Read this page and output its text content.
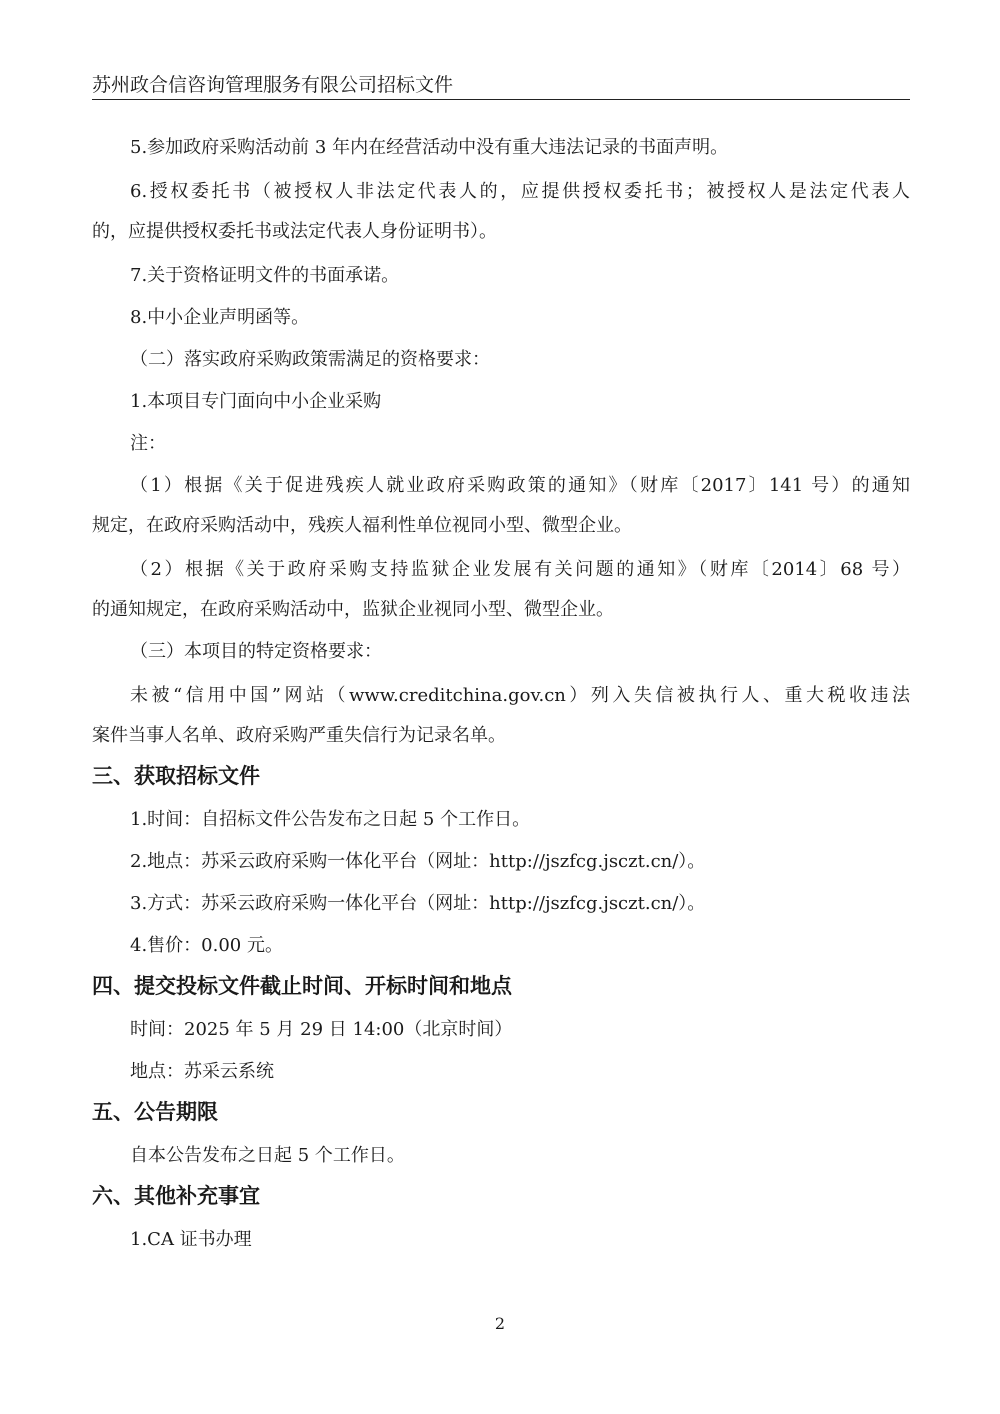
苏州政合信咨询管理服务有限公司招标文件
5.参加政府采购活动前 3 年内在经营活动中没有重大违法记录的书面声明。
6.授权委托书（被授权人非法定代表人的，应提供授权委托书；被授权人是法定代表人
的，应提供授权委托书或法定代表人身份证明书）。
7.关于资格证明文件的书面承诺。
8.中小企业声明函等。
（二）落实政府采购政策需满足的资格要求：
1.本项目专门面向中小企业采购
注：
（1）根据《关于促进残疾人就业政府采购政策的通知》（财库〔2017〕141 号）的通知
规定，在政府采购活动中，残疾人福利性单位视同小型、微型企业。
（2）根据《关于政府采购支持监狱企业发展有关问题的通知》（财库〔2014〕68 号）
的通知规定，在政府采购活动中，监狱企业视同小型、微型企业。
（三）本项目的特定资格要求：
未被“信用中国”网站（www.creditchina.gov.cn）列入失信被执行人、重大税收违法
案件当事人名单、政府采购严重失信行为记录名单。
三、获取招标文件
1.时间：自招标文件公告发布之日起 5 个工作日。
2.地点：苏采云政府采购一体化平台（网址：http://jszfcg.jsczt.cn/）。
3.方式：苏采云政府采购一体化平台（网址：http://jszfcg.jsczt.cn/）。
4.售价：0.00 元。
四、提交投标文件截止时间、开标时间和地点
时间：2025 年 5 月 29 日 14:00（北京时间）
地点：苏采云系统
五、公告期限
自本公告发布之日起 5 个工作日。
六、其他补充事宜
1.CA 证书办理
2
